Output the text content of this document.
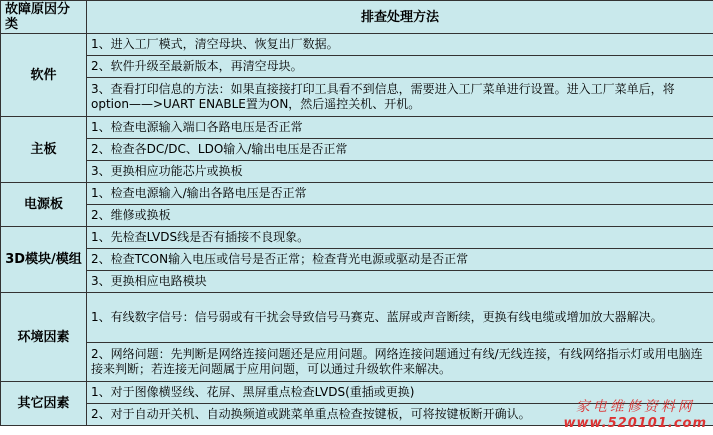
故障原因分类	排查处理方法
软件	1、进入工厂模式，清空母块、恢复出厂数据。
	2、软件升级至最新版本，再清空母块。
	3、查看打印信息的方法：如果直接接打印工具看不到信息，需要进入工厂菜单进行设置。进入工厂菜单后，将option——>UART ENABLE置为ON，然后遥控关机、开机。
主板	1、检查电源输入端口各路电压是否正常
	2、检查各DC/DC、LDO输入/输出电压是否正常
	3、更换相应功能芯片或换板
电源板	1、检查电源输入/输出各路电压是否正常
	2、维修或换板
3D模块/模组	1、先检查LVDS线是否有插接不良现象。
	2、检查TCON输入电压或信号是否正常；检查背光电源或驱动是否正常
	3、更换相应电路模块
环境因素	1、有线数字信号：信号弱或有干扰会导致信号马赛克、蓝屏或声音断续，更换有线电缆或增加放大器解决。
	2、网络问题：先判断是网络连接问题还是应用问题。网络连接问题通过有线/无线连接，有线网络指示灯或用电脑连接来判断；若连接无问题属于应用问题，可以通过升级软件来解决。
其它因素	1、对于图像横竖线、花屏、黑屏重点检查LVDS(重插或更换)
	2、对于自动开关机、自动换频道或跳菜单重点检查按键板，可将按键板断开确认。	家电维修资料网
www.520101.com
